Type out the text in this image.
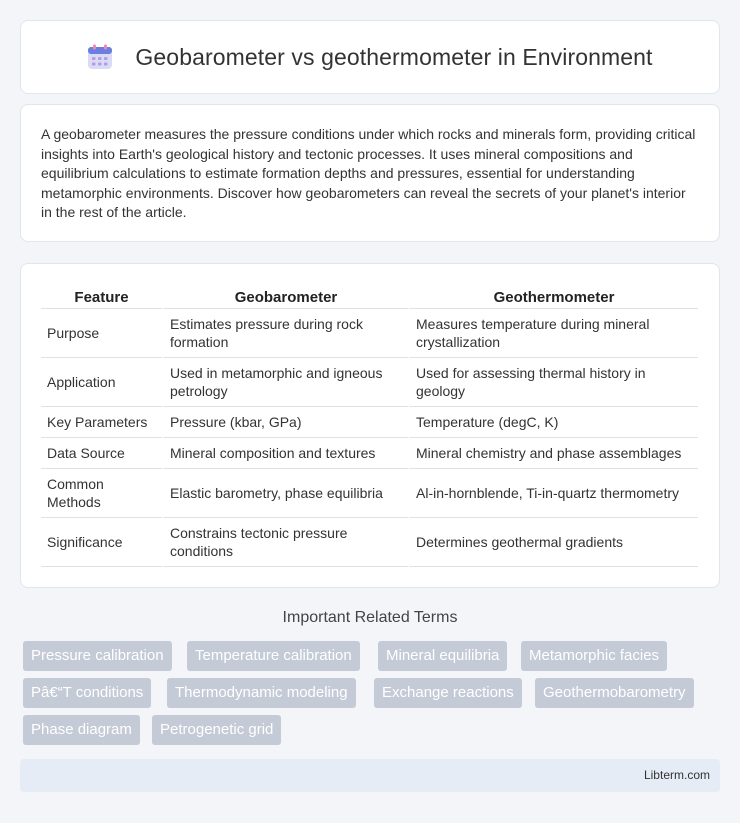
Geobarometer vs geothermometer in Environment

A geobarometer measures the pressure conditions under which rocks and minerals form, providing critical insights into Earth's geological history and tectonic processes. It uses mineral compositions and equilibrium calculations to estimate formation depths and pressures, essential for understanding metamorphic environments. Discover how geobarometers can reveal the secrets of your planet's interior in the rest of the article.

Feature	Geobarometer	Geothermometer
Purpose	Estimates pressure during rock formation	Measures temperature during mineral crystallization
Application	Used in metamorphic and igneous petrology	Used for assessing thermal history in geology
Key Parameters	Pressure (kbar, GPa)	Temperature (degC, K)
Data Source	Mineral composition and textures	Mineral chemistry and phase assemblages
Common Methods	Elastic barometry, phase equilibria	Al-in-hornblende, Ti-in-quartz thermometry
Significance	Constrains tectonic pressure conditions	Determines geothermal gradients
Important Related Terms
Pressure calibration	Temperature calibration	Mineral equilibria	Metamorphic facies
Pâ€“T conditions	Thermodynamic modeling	Exchange reactions	Geothermobarometry
Phase diagram	Petrogenetic grid
Libterm.com
